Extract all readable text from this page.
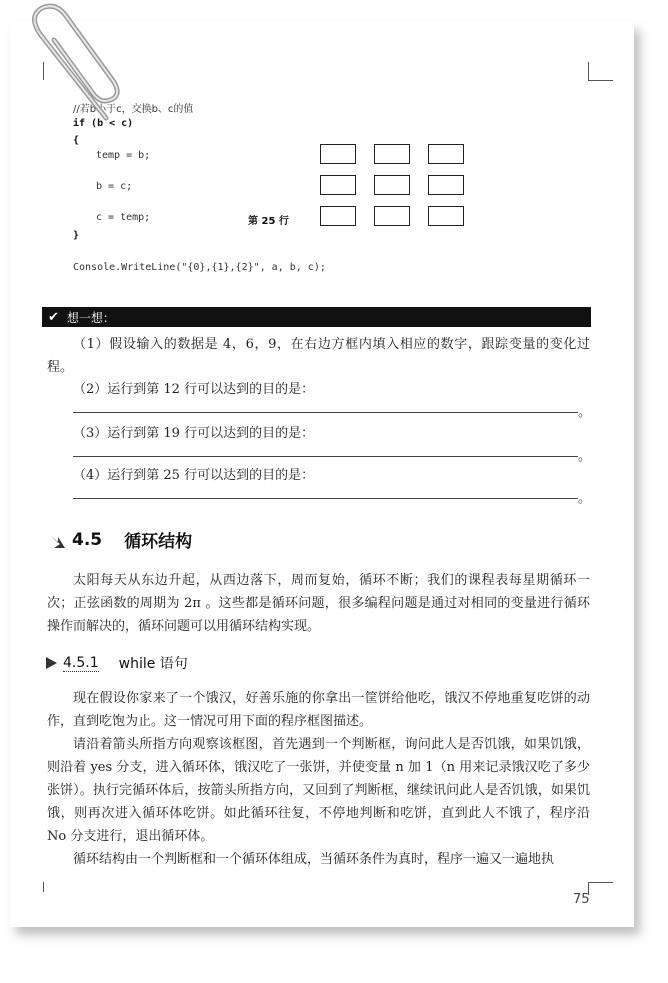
//若b小于c，交换b、c的值
if (b < c)
{
temp = b;
b = c;
c = temp;	第 25 行
}
Console.WriteLine("{0},{1},{2}", a, b, c);
✔ 想一想：
（1）假设输入的数据是 4，6，9，在右边方框内填入相应的数字，跟踪变量的变化过程。
（2）运行到第 12 行可以达到的目的是：
。
（3）运行到第 19 行可以达到的目的是：
。
（4）运行到第 25 行可以达到的目的是：
。
4.5 循环结构
太阳每天从东边升起，从西边落下，周而复始，循环不断；我们的课程表每星期循环一次；正弦函数的周期为 2π 。这些都是循环问题，很多编程问题是通过对相同的变量进行循环操作而解决的，循环问题可以用循环结构实现。
4.5.1 while 语句
现在假设你家来了一个饿汉，好善乐施的你拿出一筐饼给他吃，饿汉不停地重复吃饼的动作，直到吃饱为止。这一情况可用下面的程序框图描述。
请沿着箭头所指方向观察该框图，首先遇到一个判断框，询问此人是否饥饿，如果饥饿，则沿着 yes 分支，进入循环体，饿汉吃了一张饼，并使变量 n 加 1（n 用来记录饿汉吃了多少张饼）。执行完循环体后，按箭头所指方向，又回到了判断框，继续讯问此人是否饥饿，如果饥饿，则再次进入循环体吃饼。如此循环往复，不停地判断和吃饼，直到此人不饿了，程序沿 No 分支进行，退出循环体。
循环结构由一个判断框和一个循环体组成，当循环条件为真时，程序一遍又一遍地执
75
